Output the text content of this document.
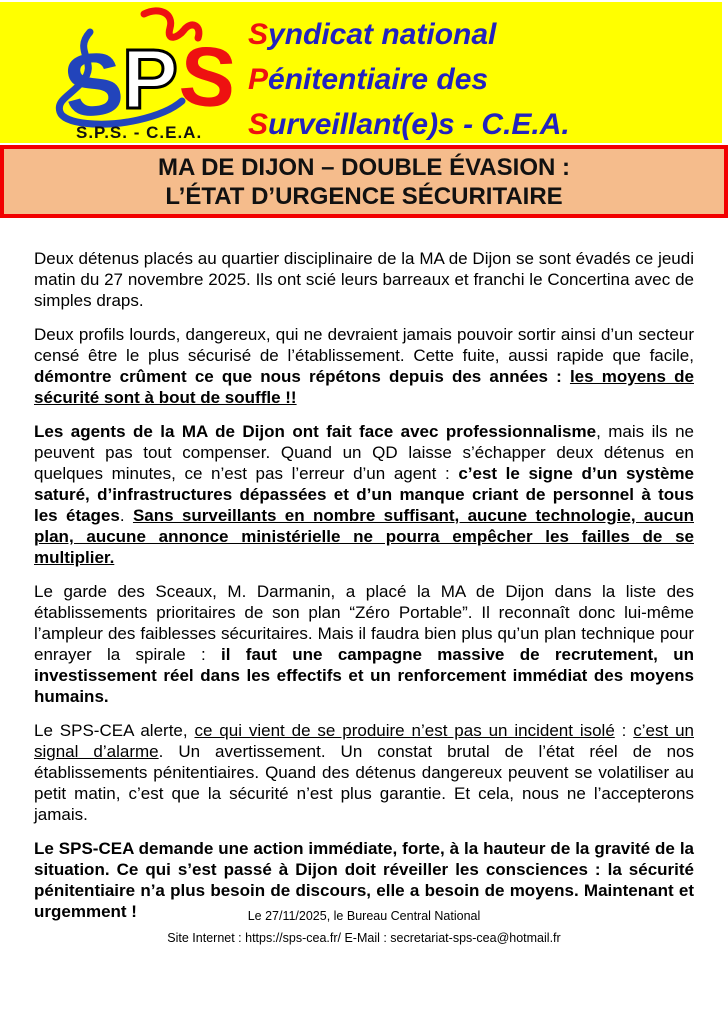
S
P
S
S.P.S. - C.E.A.
Syndicat national
Pénitentiaire des
Surveillant(e)s - C.E.A.
MA DE DIJON – DOUBLE ÉVASION :
L’ÉTAT D’URGENCE SÉCURITAIRE

Deux détenus placés au quartier disciplinaire de la MA de Dijon se sont évadés ce jeudi matin du 27 novembre 2025. Ils ont scié leurs barreaux et franchi le Concertina avec de simples draps.

Deux profils lourds, dangereux, qui ne devraient jamais pouvoir sortir ainsi d’un secteur censé être le plus sécurisé de l’établissement. Cette fuite, aussi rapide que facile, démontre crûment ce que nous répétons depuis des années : les moyens de sécurité sont à bout de souffle !!

Les agents de la MA de Dijon ont fait face avec professionnalisme, mais ils ne peuvent pas tout compenser. Quand un QD laisse s’échapper deux détenus en quelques minutes, ce n’est pas l’erreur d’un agent : c’est le signe d’un système saturé, d’infrastructures dépassées et d’un manque criant de personnel à tous les étages. Sans surveillants en nombre suffisant, aucune technologie, aucun plan, aucune annonce ministérielle ne pourra empêcher les failles de se multiplier.

Le garde des Sceaux, M. Darmanin, a placé la MA de Dijon dans la liste des établissements prioritaires de son plan “Zéro Portable”. Il reconnaît donc lui-même l’ampleur des faiblesses sécuritaires. Mais il faudra bien plus qu’un plan technique pour enrayer la spirale : il faut une campagne massive de recrutement, un investissement réel dans les effectifs et un renforcement immédiat des moyens humains.

Le SPS-CEA alerte, ce qui vient de se produire n’est pas un incident isolé : c’est un signal d’alarme. Un avertissement. Un constat brutal de l’état réel de nos établissements pénitentiaires. Quand des détenus dangereux peuvent se volatiliser au petit matin, c’est que la sécurité n’est plus garantie. Et cela, nous ne l’accepterons jamais.

Le SPS-CEA demande une action immédiate, forte, à la hauteur de la gravité de la situation. Ce qui s’est passé à Dijon doit réveiller les consciences : la sécurité pénitentiaire n’a plus besoin de discours, elle a besoin de moyens. Maintenant et urgemment !	Le 27/11/2025, le Bureau Central National
Site Internet : https://sps-cea.fr/ E-Mail : secretariat-sps-cea@hotmail.fr
